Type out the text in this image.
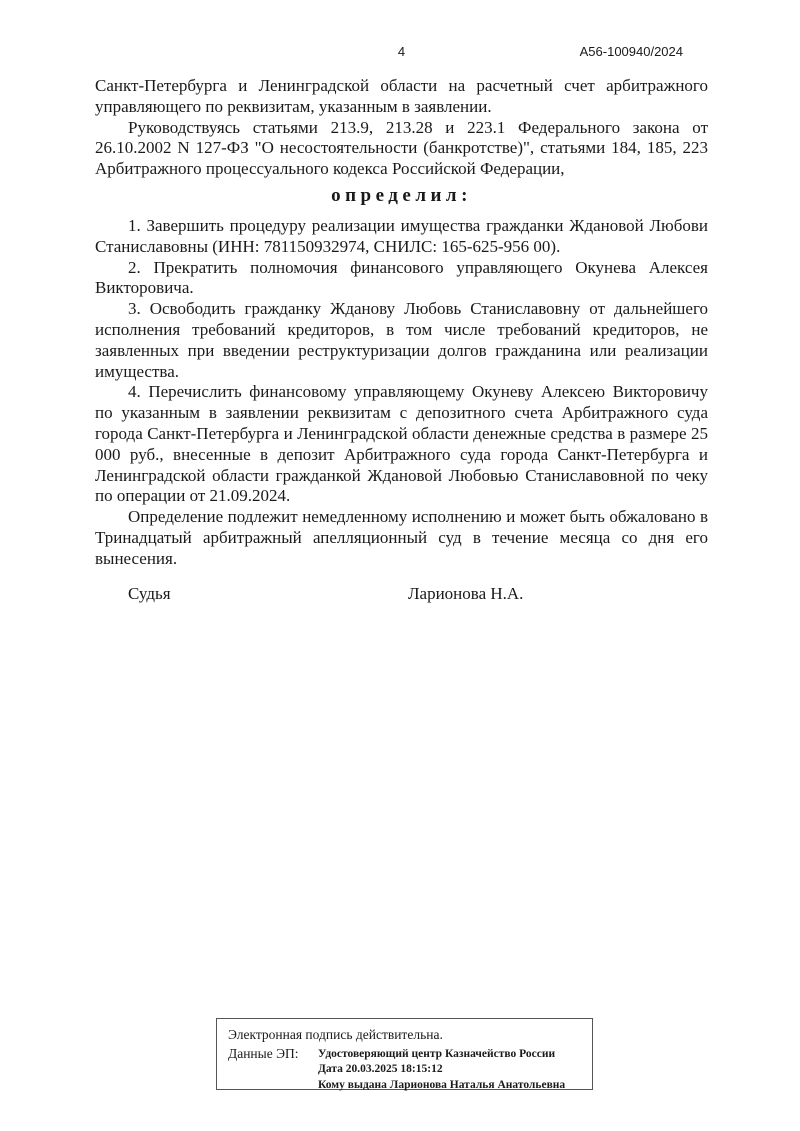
4	А56-100940/2024

Санкт-Петербурга и Ленинградской области на расчетный счет арбитражного управляющего по реквизитам, указанным в заявлении.

Руководствуясь статьями 213.9, 213.28 и 223.1 Федерального закона от 26.10.2002 N 127-ФЗ "О несостоятельности (банкротстве)", статьями 184, 185, 223 Арбитражного процессуального кодекса Российской Федерации,

определил:

1. Завершить процедуру реализации имущества гражданки Ждановой Любови Станиславовны (ИНН: 781150932974, СНИЛС: 165-625-956 00).

2. Прекратить полномочия финансового управляющего Окунева Алексея Викторовича.

3. Освободить гражданку Жданову Любовь Станиславовну от дальнейшего исполнения требований кредиторов, в том числе требований кредиторов, не заявленных при введении реструктуризации долгов гражданина или реализации имущества.

4. Перечислить финансовому управляющему Окуневу Алексею Викторовичу по указанным в заявлении реквизитам с депозитного счета Арбитражного суда города Санкт-Петербурга и Ленинградской области денежные средства в размере 25 000 руб., внесенные в депозит Арбитражного суда города Санкт-Петербурга и Ленинградской области гражданкой Ждановой Любовью Станиславовной по чеку по операции от 21.09.2024.

Определение подлежит немедленному исполнению и может быть обжаловано в Тринадцатый арбитражный апелляционный суд в течение месяца со дня его вынесения.

Судья	Ларионова Н.А.
Электронная подпись действительна.
Данные ЭП:	Удостоверяющий центр Казначейство России
Дата 20.03.2025 18:15:12
Кому выдана Ларионова Наталья Анатольевна
